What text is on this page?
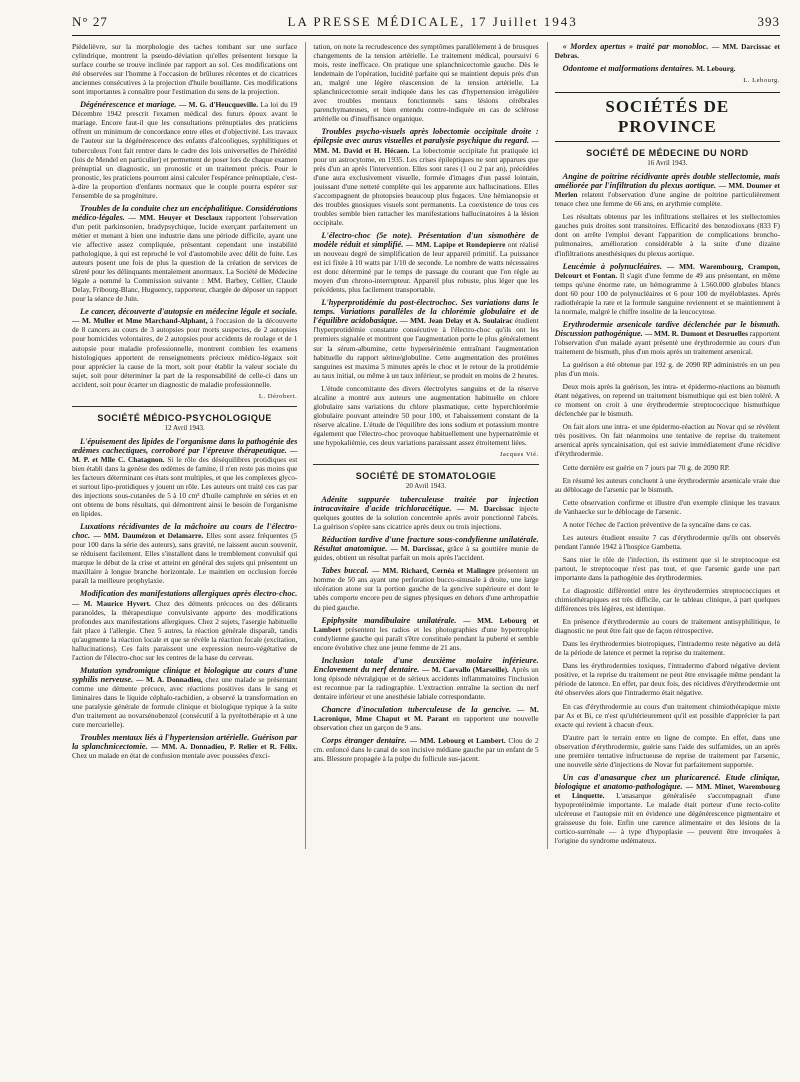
N° 27	LA PRESSE MÉDICALE, 17 Juillet 1943	393

Piédelièvre, sur la morphologie des taches tombant sur une surface cylindrique, montrent la pseudo-déviation qu'elles présentent lorsque la surface courbe se trouve inclinée par rapport au sol. Ces modifications ont été observées sur l'homme à l'occasion de brûlures récentes et de cicatrices anciennes consécutives à la projection d'huile bouillante. Ces modifications sont importantes à connaître pour l'estimation du sens de la projection.

Dégénérescence et mariage. — M. G. d'Heucqueville. La loi du 19 Décembre 1942 prescrit l'examen médical des futurs époux avant le mariage. Encore faut-il que les consultations prénuptiales des praticiens offrent un minimum de concordance entre elles et d'objectivité. Les travaux de l'auteur sur la dégénérescence des enfants d'alcooliques, syphilitiques et tuberculeux l'ont fait rentrer dans le cadre des lois universelles de l'hérédité (lois de Mendel en particulier) et permettent de poser lors de chaque examen prénuptial un diagnostic, un pronostic et un traitement précis. Pour le pronostic, les praticiens pourront ainsi calculer l'espérance prénuptiale, c'est-à-dire la proportion d'enfants normaux que le couple pourra espérer sur l'ensemble de sa progéniture.

Troubles de la conduite chez un encéphalitique. Considérations médico-légales. — MM. Heuyer et Desclaux rapportent l'observation d'un petit parkinsonien, bradypsychique, lucide exerçant parfaitement un métier et menant à bien une industrie dans une période difficile, ayant une vie affective assez compliquée, présentant cependant une instabilité pathologique, à qui est reproché le vol d'automobile avec délit de fuite. Les auteurs posent une fois de plus la question de la création de services de sûreté pour les délinquants mentalement anormaux. La Société de Médecine légale a nommé la Commission suivante : MM. Barbey, Cellier, Claude Delay, Fribourg-Blanc, Huguency, rapporteur, chargée de déposer un rapport pour la séance de Juin.

Le cancer, découverte d'autopsie en médecine légale et sociale. — M. Muller et Mme Marchand-Alphant, à l'occasion de la découverte de 8 cancers au cours de 3 autopsies pour morts suspectes, de 2 autopsies pour homicides volontaires, de 2 autopsies pour accidents de roulage et de 1 autopsie pour maladie professionnelle, montrent combien les examens histologiques apportent de renseignements précieux médico-légaux soit pour apprécier la cause de la mort, soit pour établir la valeur sociale du sujet, soit pour déterminer la part de la responsabilité de celle-ci dans un accident, soit pour écarter un diagnostic de maladie professionnelle.

L. Dérobert.
SOCIÉTÉ MÉDICO-PSYCHOLOGIQUE
12 Avril 1943.

L'épuisement des lipides de l'organisme dans la pathogénie des œdèmes cachectiques, corroboré par l'épreuve thérapeutique. — M. P. et Mlle C. Chatagnon. Si le rôle des déséquilibres protidiques est bien établi dans la genèse des œdèmes de famine, il n'en reste pas moins que les facteurs déterminant ces états sont multiples, et que les complexes glyco- et surtout lipo-protidiques y jouent un rôle. Les auteurs ont traité ces cas par des injections sous-cutanées de 5 à 10 cm³ d'huile camphrée en séries et en ont obtenu de bons résultats, qui démontrent ainsi le besoin de l'organisme en lipides.

Luxations récidivantes de la mâchoire au cours de l'électro-choc. — MM. Daumézon et Delamarre. Elles sont assez fréquentes (5 pour 100 dans la série des auteurs), sans gravité, ne laissent aucun souvenir, se réduisent facilement. Elles s'installent dans le tremblement convulsif qui marque le début de la crise et atteint en général des sujets qui présentent un maxillaire à longue branche horizontale. Le maintien en occlusion forcée paraît la meilleure prophylaxie.

Modification des manifestations allergiques après électro-choc. — M. Maurice Hyvert. Chez des déments précoces ou des délirants paranoïdes, la thérapeutique convulsivante apporte des modifications profondes aux manifestations allergiques. Chez 2 sujets, l'asergie habituelle fait place à l'allergie. Chez 5 autres, la réaction générale disparaît, tandis qu'augmente la réaction locale et que se révèle la réaction focale (excitation, hallucinations). Ces faits paraissent une expression neuro-végétative de l'action de l'électro-choc sur les centres de la base du cerveau.

Mutation syndromique clinique et biologique au cours d'une syphilis nerveuse. — M. A. Donnadieu, chez une malade se présentant comme une démente précoce, avec réactions positives dans le sang et liminaires dans le liquide céphalo-rachidien, a observé la transformation en une paralysie générale de formule clinique et biologique typique à la suite d'un traitement au novarsénobenzol (consécutif à la pyrétothérapie et à une cure mercurielle).

Troubles mentaux liés à l'hypertension artérielle. Guérison par la splanchnicectomie. — MM. A. Donnadieu, P. Relier et R. Félix. Chez un malade en état de confusion mentale avec poussées d'exci-

tation, on note la recrudescence des symptômes parallèlement à de brusques changements de la tension artérielle. Le traitement médical, poursuivi 6 mois, reste inefficace. On pratique une splanchnicectomie gauche. Dès le lendemain de l'opération, lucidité parfaite qui se maintient depuis près d'un an, malgré une légère réascension de la tension artérielle. La splanchnicectomie serait indiquée dans les cas d'hypertension irrégulière avec troubles mentaux fonctionnels sans lésions cérébrales parenchymateuses, et bien entendu contre-indiquée en cas de sclérose artérielle ou d'insuffisance organique.

Troubles psycho-visuels après lobectomie occipitale droite : épilepsie avec auras visuelles et paralysie psychique du regard. — MM. M. David et H. Hécaen. La lobectomie occipitale fut pratiquée ici pour un astrocytome, en 1935. Les crises épileptiques ne sont apparues que près d'un an après l'intervention. Elles sont rares (1 ou 2 par an), précédées d'une aura exclusivement visuelle, formée d'images d'un passé lointain, jouissant d'une netteté complète qui les apparente aux hallucinations. Elles s'accompagnent de photopsies beaucoup plus fugaces. Une hémianopsie et des troubles gnosiques visuels sont permanents. La coexistence de tous ces troubles semble bien rattacher les manifestations hallucinatoires à la lésion occipitale.

L'électro-choc (5e note). Présentation d'un sismothère de modèle réduit et simplifié. — MM. Lapipe et Rondepierre ont réalisé un nouveau degré de simplification de leur appareil primitif. La puissance est ici fixée à 10 watts par 1/10 de seconde. Le nombre de watts nécessaires est donc déterminé par le temps de passage du courant que l'on règle au moyen d'un chrono-interrupteur. Appareil plus robuste, plus léger que les précédents, plus facilement transportable.

L'hyperprotidémie du post-électrochoc. Ses variations dans le temps. Variations parallèles de la chlorémie globulaire et de l'équilibre acidobasique. — MM. Jean Delay et A. Soulairac étudient l'hyperprotidémie constante consécutive à l'électro-choc qu'ils ont les premiers signalée et montrent que l'augmentation porte le plus généralement sur la sérum-albumine, cette hypersérinémie entraînant l'augmentation habituelle du rapport sérine/globuline. Cette augmentation des protéines sanguines est maxima 5 minutes après le choc et le retour de la protidémie au taux initial, ou même à un taux inférieur, se produit en moins de 2 heures.

L'étude concomitante des divers électrolytes sanguins et de la réserve alcaline a montré aux auteurs une augmentation habituelle en chlore globulaire sans variations du chlore plasmatique, cette hyperchlorémie globulaire pouvant atteindre 50 pour 100, et l'abaissement constant de la réserve alcaline. L'étude de l'équilibre des ions sodium et potassium montre également que l'électro-choc provoque habituellement une hypernatrémie et une hypokaliémie, ces deux variations paraissant assez étroitement liées.

Jacques Vié.
SOCIÉTÉ DE STOMATOLOGIE
20 Avril 1943.

Adénite suppurée tuberculeuse traitée par injection intracavitaire d'acide trichloracétique. — M. Darcissac injecte quelques gouttes de la solution concentrée après avoir ponctionné l'abcès. La guérison s'opère sans cicatrice après deux ou trois injections.

Réduction tardive d'une fracture sous-condylienne unilatérale. Résultat anatomique. — M. Darcissac, grâce à sa gouttière munie de guides, obtient un résultat parfait un mois après l'accident.

Tabes buccal. — MM. Richard, Cernéa et Malingre présentent un homme de 50 ans ayant une perforation bucco-sinusale à droite, une large ulcération atone sur la portion gauche de la gencive supérieure et dont le tabès comporte encore peu de signes physiques en dehors d'une arthropathie du pied gauche.

Epiphysite mandibulaire unilatérale. — MM. Lebourg et Lambert présentent les radios et les photographies d'une hypertrophie condylienne gauche qui paraît s'être constituée pendant la puberté et semble encore évolutive chez une jeune femme de 21 ans.

Inclusion totale d'une deuxième molaire inférieure. Enclavement du nerf dentaire. — M. Carvallo (Marseille). Après un long épisode névralgique et de sérieux accidents inflammatoires l'inclusion est reconnue par la radiographie. L'extraction entraîne la section du nerf dentaire inférieur et une anesthésie labiale correspondante.

Chancre d'inoculation tuberculeuse de la gencive. — M. Lacronique, Mme Chaput et M. Parant en rapportent une nouvelle observation chez un garçon de 9 ans.

Corps étranger dentaire. — MM. Lebourg et Lambert. Clou de 2 cm. enfoncé dans le canal de son incisive médiane gauche par un enfant de 5 ans. Blessure propagée à la pulpe du follicule sus-jacent.

« Mordex apertus » traité par monobloc. — MM. Darcissac et Debras.

Odontome et malformations dentaires. M. Lebourg.

L. Lebourg.
SOCIÉTÉS DE PROVINCE
SOCIÉTÉ DE MÉDECINE DU NORD
16 Avril 1943.

Angine de poitrine récidivante après double stellectomie, mais améliorée par l'infiltration du plexus aortique. — MM. Doumer et Merlen relatent l'observation d'une angine de poitrine particulièrement tenace chez une femme de 66 ans, en arythmie complète.

Les résultats obtenus par les infiltrations stellaires et les stellectomies gauches puis droites sont transitoires. Efficacité des benzodioxans (833 F) dont on arrête l'emploi devant l'apparition de complications broncho-pulmonaires, amélioration considérable à la suite d'une dizaine d'infiltrations anesthésiques du plexus aortique.

Leucémie à polynucléaires. — MM. Warembourg, Crampon, Delcourt et Fontan. Il s'agit d'une femme de 49 ans présentant, en même temps qu'une énorme rate, un hémogramme à 1.560.000 globules blancs dont 60 pour 100 de polynucléaires et 6 pour 100 de myéloblastes. Après radiothérapie la rate et la formule sanguine reviennent et se maintiennent à la normale, malgré le chiffre insolite de la leucocytose.

Erythrodermie arsenicale tardive déclenchée par le bismuth. Discussion pathogénique. — MM. R. Dumont et Desruelles rapportent l'observation d'un malade ayant présenté une érythrodermie au cours d'un traitement de bismuth, plus d'un mois après un traitement arsenical.

La guérison a été obtenue par 192 g. de 2090 RP administrés en un peu plus d'un mois.

Deux mois après la guérison, les intra- et épidermo-réactions au bismuth étant négatives, on reprend un traitement bismuthique qui est bien toléré. A ce moment on croit à une érythrodermie streptococcique bismuthique déclenchée par le bismuth.

On fait alors une intra- et une épidermo-réaction au Novar qui se révèlent très positives. On fait néanmoins une tentative de reprise du traitement arsenical après syncainisation, qui est suivie immédiatement d'une récidive d'érythrodermie.

Cette dernière est guérie en 7 jours par 70 g. de 2090 RP.

En résumé les auteurs concluent à une érythrodermie arsenicale vraie due au déblocage de l'arsenic par le bismuth.

Cette observation confirme et illustre d'un exemple clinique les travaux de Vanhaecke sur le déblocage de l'arsenic.

A noter l'échec de l'action préventive de la syncaïne dans ce cas.

Les auteurs étudient ensuite 7 cas d'érythrodermie qu'ils ont observés pendant l'année 1942 à l'hospice Gambetta.

Sans nier le rôle de l'infection, ils estiment que si le streptocoque est partout, le streptocoque n'est pas tout, et que l'arsenic garde une part importante dans la pathogénie des érythrodermies.

Le diagnostic différentiel entre les érythrodermies streptococciques et chimiothérapiques est très difficile, car le tableau clinique, à part quelques différences très légères, est identique.

En présence d'érythrodermie au cours de traitement antisyphilitique, le diagnostic ne peut être fait que de façon rétrospective.

Dans les érythrodermies biotropiques, l'intradermo reste négative au delà de la période de latence et permet la reprise du traitement.

Dans les érythrodermies toxiques, l'intradermo d'abord négative devient positive, et la reprise du traitement ne peut être envisagée même pendant la période de latence. En effet, par deux fois, des récidives d'érythrodermie ont été observées alors que l'intradermo était négative.

En cas d'érythrodermie au cours d'un traitement chimiothérapique mixte par As et Bi, ce n'est qu'ultérieurement qu'il est possible d'apprécier la part exacte qui revient à chacun d'eux.

D'autre part le terrain entre en ligne de compte. En effet, dans une observation d'érythrodermie, guérie sans l'aide des sulfamides, un an après une première tentative infructueuse de reprise de traitement par l'arsenic, une nouvelle série d'injections de Novar fut parfaitement supportée.

Un cas d'anasarque chez un pluricarencé. Etude clinique, biologique et anatomo-pathologique. — MM. Minet, Warembourg et Linquette. L'anasarque généralisée s'accompagnait d'une hypoprotéinémie importante. Le malade était porteur d'une recto-colite ulcéreuse et l'autopsie mit en évidence une dégénérescence pigmentaire et graisseuse du foie. Enfin une carence alimentaire et des lésions de la cortico-surrénale — à type d'hypoplasie — peuvent être invoquées à l'origine du syndrome œdémateux.
